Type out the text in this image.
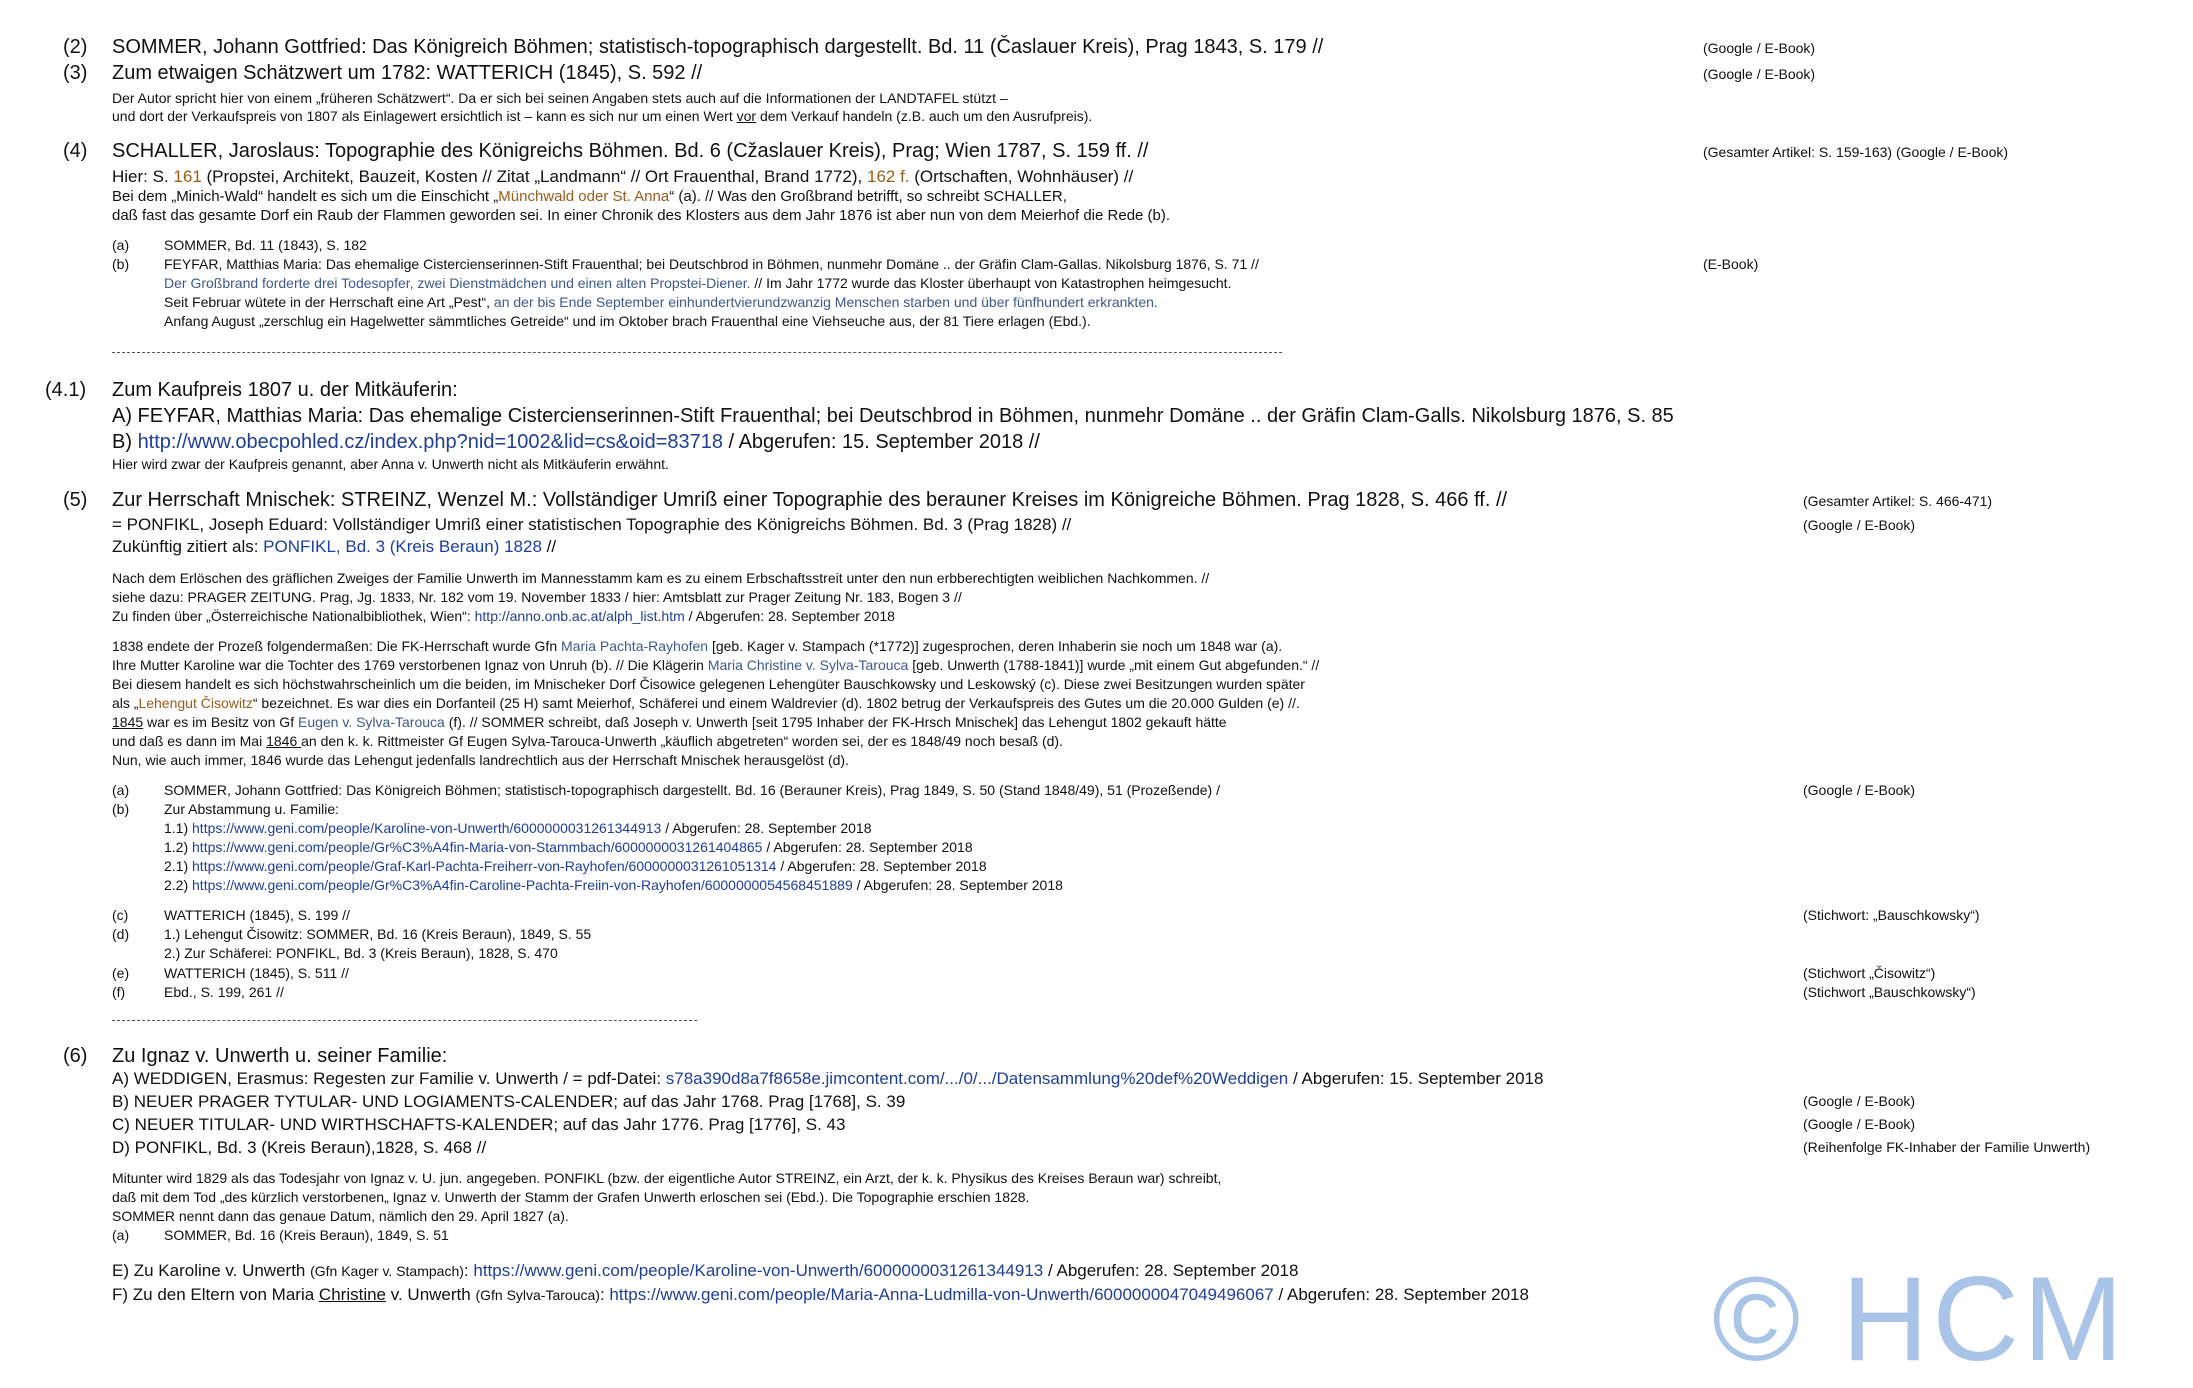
(2) SOMMER, Johann Gottfried: Das Königreich Böhmen; statistisch-topographisch dargestellt. Bd. 11 (Časlauer Kreis), Prag 1843, S. 179 //	(Google / E-Book)
(3) Zum etwaigen Schätzwert um 1782: WATTERICH (1845), S. 592 //	(Google / E-Book)
Der Autor spricht hier von einem „früheren Schätzwert“. Da er sich bei seinen Angaben stets auch auf die Informationen der LANDTAFEL stützt –
und dort der Verkaufspreis von 1807 als Einlagewert ersichtlich ist – kann es sich nur um einen Wert vor dem Verkauf handeln (z.B. auch um den Ausrufpreis).
(4) SCHALLER, Jaroslaus: Topographie des Königreichs Böhmen. Bd. 6 (Cžaslauer Kreis), Prag; Wien 1787, S. 159 ff. //	(Gesamter Artikel: S. 159-163) (Google / E-Book)
Hier: S. 161 (Propstei, Architekt, Bauzeit, Kosten // Zitat „Landmann“ // Ort Frauenthal, Brand 1772), 162 f. (Ortschaften, Wohnhäuser) //
Bei dem „Minich-Wald“ handelt es sich um die Einschicht „Münchwald oder St. Anna“ (a). // Was den Großbrand betrifft, so schreibt SCHALLER,
daß fast das gesamte Dorf ein Raub der Flammen geworden sei. In einer Chronik des Klosters aus dem Jahr 1876 ist aber nun von dem Meierhof die Rede (b).
(a) SOMMER, Bd. 11 (1843), S. 182
(b) FEYFAR, Matthias Maria: Das ehemalige Cistercienserinnen-Stift Frauenthal; bei Deutschbrod in Böhmen, nunmehr Domäne .. der Gräfin Clam-Gallas. Nikolsburg 1876, S. 71 //	(E-Book)
Der Großbrand forderte drei Todesopfer, zwei Dienstmädchen und einen alten Propstei-Diener. // Im Jahr 1772 wurde das Kloster überhaupt von Katastrophen heimgesucht.
Seit Februar wütete in der Herrschaft eine Art „Pest“, an der bis Ende September einhundertvierundzwanzig Menschen starben und über fünfhundert erkrankten.
Anfang August „zerschlug ein Hagelwetter sämmtliches Getreide“ und im Oktober brach Frauenthal eine Viehseuche aus, der 81 Tiere erlagen (Ebd.).
(4.1) Zum Kaufpreis 1807 u. der Mitkäuferin:
A) FEYFAR, Matthias Maria: Das ehemalige Cistercienserinnen-Stift Frauenthal; bei Deutschbrod in Böhmen, nunmehr Domäne .. der Gräfin Clam-Galls. Nikolsburg 1876, S. 85
B) http://www.obecpohled.cz/index.php?nid=1002&lid=cs&oid=83718 / Abgerufen: 15. September 2018 //
Hier wird zwar der Kaufpreis genannt, aber Anna v. Unwerth nicht als Mitkäuferin erwähnt.
(5) Zur Herrschaft Mnischek: STREINZ, Wenzel M.: Vollständiger Umriß einer Topographie des berauner Kreises im Königreiche Böhmen. Prag 1828, S. 466 ff. //	(Gesamter Artikel: S. 466-471)
= PONFIKL, Joseph Eduard: Vollständiger Umriß einer statistischen Topographie des Königreichs Böhmen. Bd. 3 (Prag 1828) //	(Google / E-Book)
Zukünftig zitiert als: PONFIKL, Bd. 3 (Kreis Beraun) 1828 //
Nach dem Erlöschen des gräflichen Zweiges der Familie Unwerth im Mannesstamm kam es zu einem Erbschaftsstreit unter den nun erbberechtigten weiblichen Nachkommen. //
siehe dazu: PRAGER ZEITUNG. Prag, Jg. 1833, Nr. 182 vom 19. November 1833 / hier: Amtsblatt zur Prager Zeitung Nr. 183, Bogen 3 //
Zu finden über „Österreichische Nationalbibliothek, Wien“: http://anno.onb.ac.at/alph_list.htm / Abgerufen: 28. September 2018
1838 endete der Prozeß folgendermaßen: Die FK-Herrschaft wurde Gfn Maria Pachta-Rayhofen [geb. Kager v. Stampach (*1772)] zugesprochen, deren Inhaberin sie noch um 1848 war (a).
Ihre Mutter Karoline war die Tochter des 1769 verstorbenen Ignaz von Unruh (b). // Die Klägerin Maria Christine v. Sylva-Tarouca [geb. Unwerth (1788-1841)] wurde „mit einem Gut abgefunden.“ //
Bei diesem handelt es sich höchstwahrscheinlich um die beiden, im Mnischeker Dorf Čisowice gelegenen Lehengüter Bauschkowsky und Leskowský (c). Diese zwei Besitzungen wurden später
als „Lehengut Čisowitz“ bezeichnet. Es war dies ein Dorfanteil (25 H) samt Meierhof, Schäferei und einem Waldrevier (d). 1802 betrug der Verkaufspreis des Gutes um die 20.000 Gulden (e) //.
1845 war es im Besitz von Gf Eugen v. Sylva-Tarouca (f). // SOMMER schreibt, daß Joseph v. Unwerth [seit 1795 Inhaber der FK-Hrsch Mnischek] das Lehengut 1802 gekauft hätte
und daß es dann im Mai 1846 an den k. k. Rittmeister Gf Eugen Sylva-Tarouca-Unwerth „käuflich abgetreten“ worden sei, der es 1848/49 noch besaß (d).
Nun, wie auch immer, 1846 wurde das Lehengut jedenfalls landrechtlich aus der Herrschaft Mnischek herausgelöst (d).
(a) SOMMER, Johann Gottfried: Das Königreich Böhmen; statistisch-topographisch dargestellt. Bd. 16 (Berauner Kreis), Prag 1849, S. 50 (Stand 1848/49), 51 (Prozeßende) /	(Google / E-Book)
(b) Zur Abstammung u. Familie:
1.1) https://www.geni.com/people/Karoline-von-Unwerth/6000000031261344913 / Abgerufen: 28. September 2018
1.2) https://www.geni.com/people/Gr%C3%A4fin-Maria-von-Stammbach/6000000031261404865 / Abgerufen: 28. September 2018
2.1) https://www.geni.com/people/Graf-Karl-Pachta-Freiherr-von-Rayhofen/6000000031261051314 / Abgerufen: 28. September 2018
2.2) https://www.geni.com/people/Gr%C3%A4fin-Caroline-Pachta-Freiin-von-Rayhofen/6000000054568451889 / Abgerufen: 28. September 2018
(c)	WATTERICH (1845), S. 199 //	(Stichwort: „Bauschkowsky“)
(d) 1.) Lehengut Čisowitz: SOMMER, Bd. 16 (Kreis Beraun), 1849, S. 55
2.) Zur Schäferei: PONFIKL, Bd. 3 (Kreis Beraun), 1828, S. 470
(e) WATTERICH (1845), S. 511 //	(Stichwort „Čisowitz“)
(f)	Ebd., S. 199, 261 //	(Stichwort „Bauschkowsky“)
(6) Zu Ignaz v. Unwerth u. seiner Familie:
A) WEDDIGEN, Erasmus: Regesten zur Familie v. Unwerth / = pdf-Datei: s78a390d8a7f8658e.jimcontent.com/.../0/.../Datensammlung%20def%20Weddigen / Abgerufen: 15. September 2018
B) NEUER PRAGER TYTULAR- UND LOGIAMENTS-CALENDER; auf das Jahr 1768. Prag [1768], S. 39	(Google / E-Book)
C) NEUER TITULAR- UND WIRTHSCHAFTS-KALENDER; auf das Jahr 1776. Prag [1776], S. 43	(Google / E-Book)
D) PONFIKL, Bd. 3 (Kreis Beraun),1828, S. 468 //	(Reihenfolge FK-Inhaber der Familie Unwerth)
Mitunter wird 1829 als das Todesjahr von Ignaz v. U. jun. angegeben. PONFIKL (bzw. der eigentliche Autor STREINZ, ein Arzt, der k. k. Physikus des Kreises Beraun war) schreibt,
daß mit dem Tod „des kürzlich verstorbenen„ Ignaz v. Unwerth der Stamm der Grafen Unwerth erloschen sei (Ebd.). Die Topographie erschien 1828.
SOMMER nennt dann das genaue Datum, nämlich den 29. April 1827 (a).
(a) SOMMER, Bd. 16 (Kreis Beraun), 1849, S. 51
E) Zu Karoline v. Unwerth (Gfn Kager v. Stampach): https://www.geni.com/people/Karoline-von-Unwerth/6000000031261344913 / Abgerufen: 28. September 2018
F) Zu den Eltern von Maria Christine v. Unwerth (Gfn Sylva-Tarouca): https://www.geni.com/people/Maria-Anna-Ludmilla-von-Unwerth/6000000047049496067 / Abgerufen: 28. September 2018 © HCM
